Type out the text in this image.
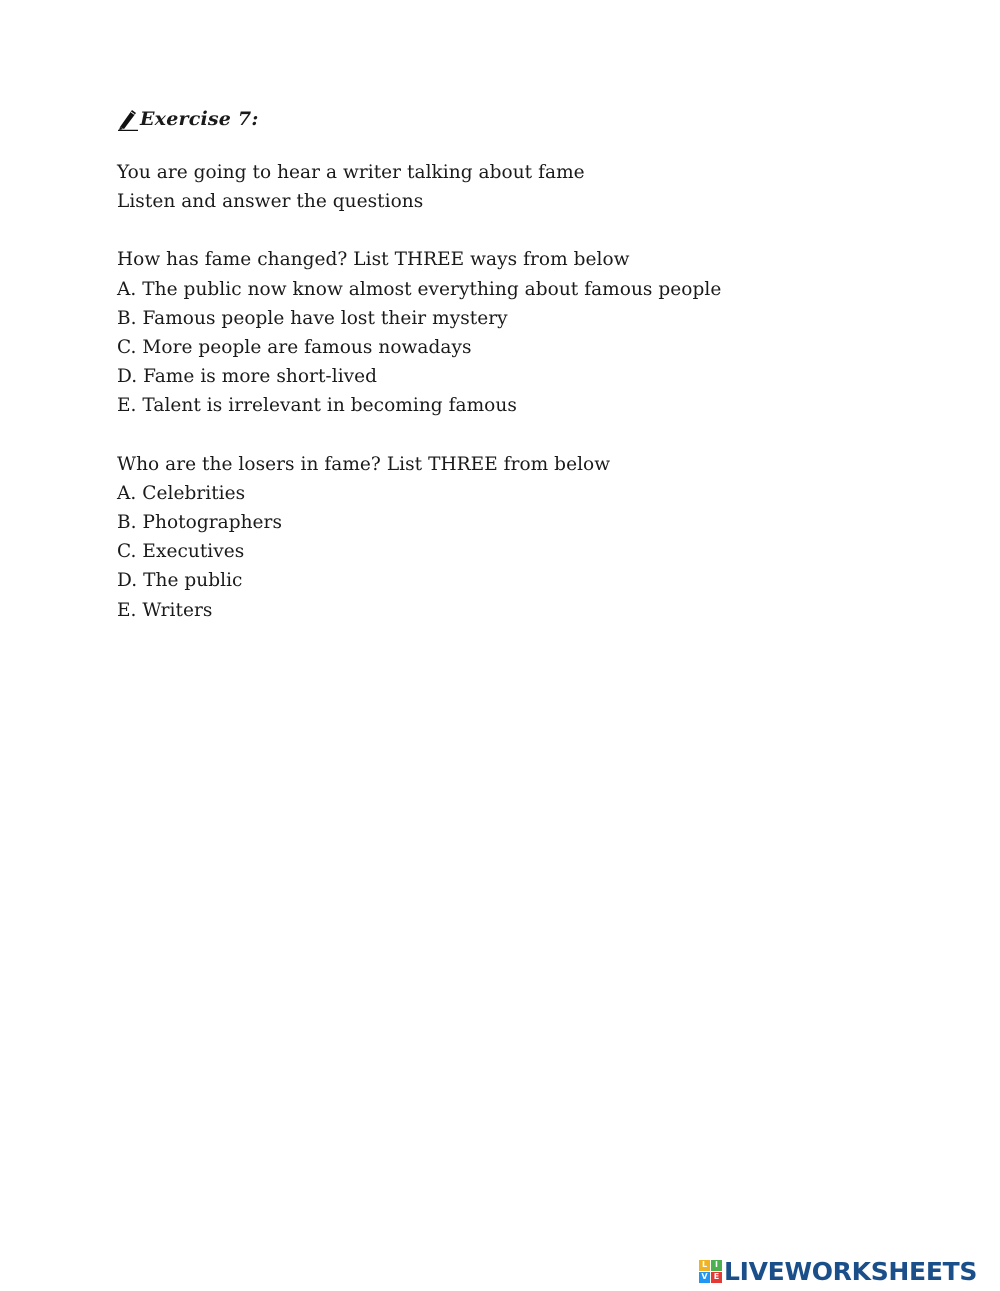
Exercise 7:
You are going to hear a writer talking about fame
Listen and answer the questions
How has fame changed? List THREE ways from below
A. The public now know almost everything about famous people
B. Famous people have lost their mystery
C. More people are famous nowadays
D. Fame is more short-lived
E. Talent is irrelevant in becoming famous
Who are the losers in fame? List THREE from below
A. Celebrities
B. Photographers
C. Executives
D. The public
E. Writers
L I
V E LIVEWORKSHEETS
